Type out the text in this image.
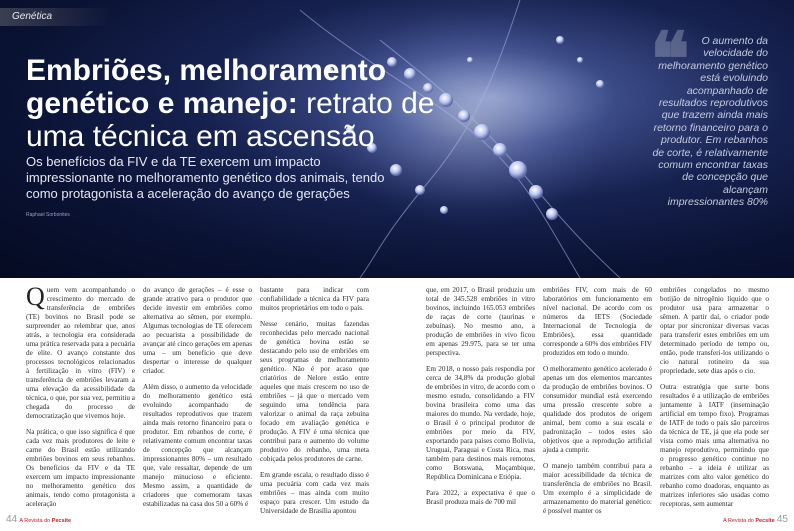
Genética
Embriões, melhoramento genético e manejo: retrato de uma técnica em ascensão
Os benefícios da FIV e da TE exercem um impacto impressionante no melhoramento genético dos animais, tendo como protagonista a aceleração do avanço de gerações
Raphael Sorbonites
❛❛	O aumento da velocidade do melhoramento genético está evoluindo acompanhado de resultados reprodutivos que trazem ainda mais retorno financeiro para o produtor. Em rebanhos de corte, é relativamente comum encontrar taxas de concepção que alcançam impressionantes 80%

Quem vem acompanhando o crescimento do mercado de transferência de embriões (TE) bovinos no Brasil pode se surpreender ao relembrar que, anos atrás, a tecnologia era considerada uma prática reservada para a pecuária de elite. O avanço constante dos processos tecnológicos relacionados à fertilização in vitro (FIV) e transferência de embriões levaram a uma elevação da acessibilidade da técnica, o que, por sua vez, permitiu a chegada do processo de democratização que vivemos hoje.

Na prática, o que isso significa é que cada vez mais produtores de leite e carne do Brasil estão utilizando embriões bovinos em seus rebanhos. Os benefícios da FIV e da TE exercem um impacto impressionante no melhoramento genético dos animais, tendo como protagonista a aceleração

do avanço de gerações – é esse o grande atrativo para o produtor que decide investir em embriões como alternativa ao sêmen, por exemplo. Algumas tecnologias de TE oferecem ao pecuarista a possibilidade de avançar até cinco gerações em apenas uma – um benefício que deve despertar o interesse de qualquer criador.

Além disso, o aumento da velocidade do melhoramento genético está evoluindo acompanhado de resultados reprodutivos que trazem ainda mais retorno financeiro para o produtor. Em rebanhos de corte, é relativamente comum encontrar taxas de concepção que alcançam impressionantes 80% – um resultado que, vale ressaltar, depende de um manejo minucioso e eficiente. Mesmo assim, a quantidade de criadores que comemoram taxas estabilizadas na casa dos 50 a 60% é

bastante para indicar com confiabilidade a técnica da FIV para muitos proprietários em todo o país.

Nesse cenário, muitas fazendas reconhecidas pelo mercado nacional de genética bovina estão se destacando pelo uso de embriões em seus programas de melhoramento genético. Não é por acaso que criatórios de Nelore estão entre aqueles que mais crescem no uso de embriões – já que o mercado vem seguindo uma tendência para valorizar o animal da raça zebuína focado em avaliação genética e produção. A FIV é uma técnica que contribui para o aumento do volume produtivo do rebanho, uma meta cobiçada pelos produtores de carne.

Em grande escala, o resultado disso é uma pecuária com cada vez mais embriões – mas ainda com muito espaço para crescer. Um estudo da Universidade de Brasília apontou

que, em 2017, o Brasil produziu um total de 345.528 embriões in vitro bovinos, incluindo 165.053 embriões de raças de corte (taurinas e zebuínas). No mesmo ano, a produção de embriões in vivo ficou em apenas 29.975, para se ter uma perspectiva.

Em 2018, o nosso país respondia por cerca de 34,8% da produção global de embriões in vitro, de acordo com o mesmo estudo, consolidando a FIV bovina brasileira como uma das maiores do mundo. Na verdade, hoje, o Brasil é o principal produtor de embriões por meio da FIV, exportando para países como Bolívia, Uruguai, Paraguai e Costa Rica, mas também para destinos mais remotos, como Botswana, Moçambique, República Dominicana e Etiópia.

Para 2022, a expectativa é que o Brasil produza mais de 700 mil

embriões FIV, com mais de 60 laboratórios em funcionamento em nível nacional. De acordo com os números da IETS (Sociedade Internacional de Tecnologia de Embriões), essa quantidade corresponde a 60% dos embriões FIV produzidos em todo o mundo.

O melhoramento genético acelerado é apenas um dos elementos marcantes da produção de embriões bovinos. O consumidor mundial está exercendo uma pressão crescente sobre a qualidade dos produtos de origem animal, bem como a sua escala e padronização – todos estes são objetivos que a reprodução artificial ajuda a cumprir.

O manejo também contribui para a maior acessibilidade da técnica de transferência de embriões no Brasil. Um exemplo é a simplicidade de armazenamento do material genético: é possível manter os

embriões congelados no mesmo botijão de nitrogênio líquido que o produtor usa para armazenar o sêmen. A partir daí, o criador pode optar por sincronizar diversas vacas para transferir estes embriões em um determinado período de tempo ou, então, pode transferi-los utilizando o cio natural rotineiro da sua propriedade, sete dias após o cio.

Outra estratégia que surte bons resultados é a utilização de embriões juntamente à IATF (inseminação artificial em tempo fixo). Programas de IATF de todo o país são parceiros da técnica de TE, já que ela pode ser vista como mais uma alternativa no manejo reprodutivo, permitindo que o progresso genético continue no rebanho – a ideia é utilizar as matrizes com alto valor genético do rebanho como doadoras, enquanto as matrizes inferiores são usadas como receptoras, sem aumentar

44 A Revista do Pecsite	A Revista do Pecsite 45
